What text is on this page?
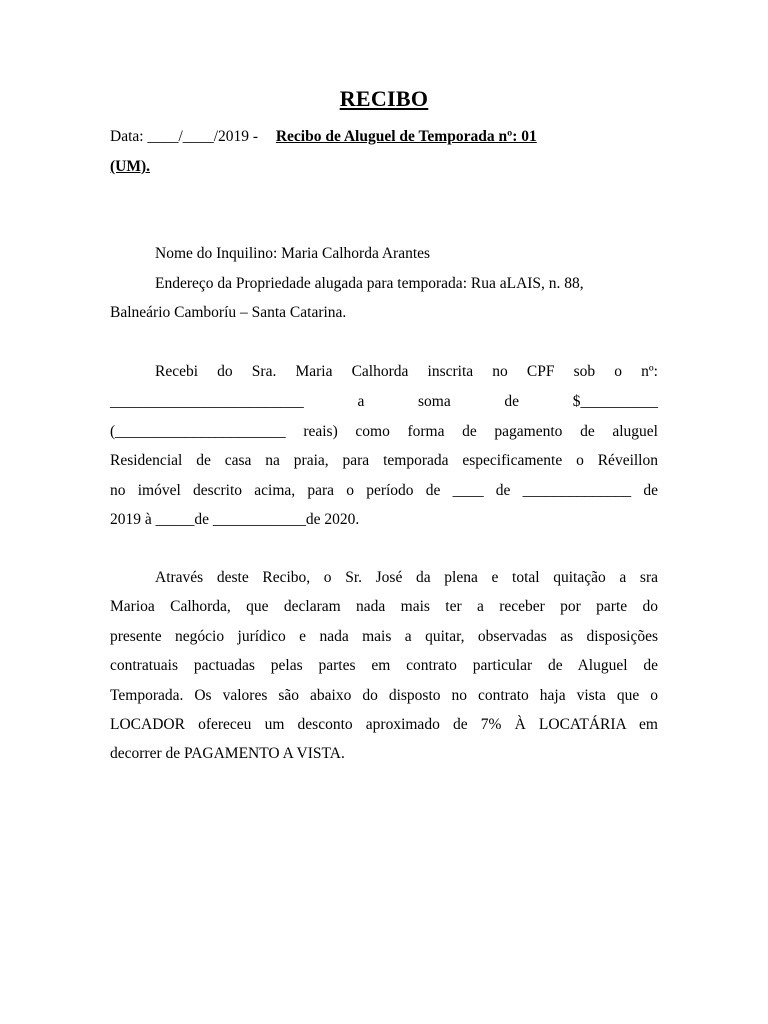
RECIBO
Data: ____/____/2019 - Recibo de Aluguel de Temporada nº: 01
(UM).
Nome do Inquilino: Maria Calhorda Arantes
Endereço da Propriedade alugada para temporada: Rua aLAIS, n. 88,
Balneário Camboríu – Santa Catarina.
Recebi do Sra. Maria Calhorda inscrita no CPF sob o nº:
_________________________ a soma de $__________
(______________________ reais) como forma de pagamento de aluguel
Residencial de casa na praia, para temporada especificamente o Réveillon
no imóvel descrito acima, para o período de ____ de ______________ de
2019 à _____de ____________de 2020.
Através deste Recibo, o Sr. José da plena e total quitação a sra
Marioa Calhorda, que declaram nada mais ter a receber por parte do
presente negócio jurídico e nada mais a quitar, observadas as disposições
contratuais pactuadas pelas partes em contrato particular de Aluguel de
Temporada. Os valores são abaixo do disposto no contrato haja vista que o
LOCADOR ofereceu um desconto aproximado de 7% À LOCATÁRIA em
decorrer de PAGAMENTO A VISTA.
